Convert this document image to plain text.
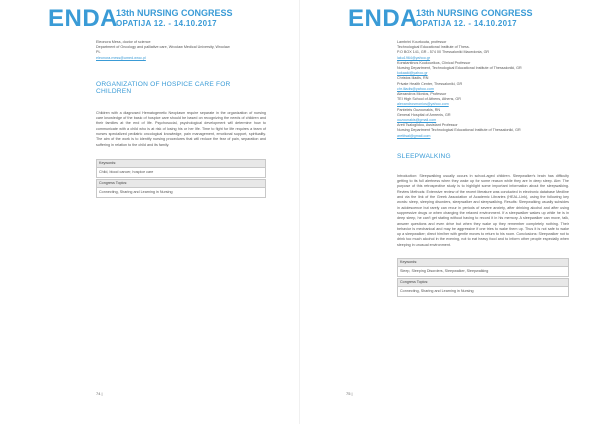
ENDA
13th NURSING CONGRESS
OPATIJA 12. - 14.10.2017

Eleonora Mess, doctor of science

Department of Oncology and palliative care, Wroclaw Medical University, Wroclaw

PL

eleonora.mess@umed.wroc.pl

ORGANIZATION OF HOSPICE CARE FOR CHILDREN

Children with a diagnosed Hematogenetic Neoplasm require separate in the organization of nursing care knowledge of the basic of hospice care should be based on recognizing the needs of children and their families at the end of life. Psychosocial, psychological development will determine how to communicate with a child who is at risk of losing his or her life. Time to fight for life requires a team of nurses specialized pediatric oncological knowledge, pain management, emotional support, spirituality. The aim of the work is to identify nursing procedures that will reduce the fear of pain, separation and suffering in relation to the child and its family.

Keywords:
Child, blood cancer, hospice care
Congress Topics:
Connecting, Sharing and Learning in Nursing
74 |
ENDA
13th NURSING CONGRESS
OPATIJA 12. - 14.10.2017

Lambrini Kourkouta, professor

Technological Educational Institute of Thess.

P.O BOX 141, GR - 574 00 Thessaloniki Macedonia, GR

laku1964@yahoo.gr

Konstantinos Koukourikos, Clinical Professor

Nursing Department, Technological Educational Institute of Thessaloniki, GR

kokaaki@yahoo.gr

Christos Iliadis, RN

Private Health Center, Thessaloniki, GR

chr.iliadis@yahoo.com

Alexandros Monios, Professor

TEI High School of Athens, Athens, GR

alexandrosmonios@yahoo.com

Panteleis Ouzounakis, RN

General Hospital of Amrenis, GR

ouzounakis@gmail.com

Areti Tsaloglidou, Assistant Professor

Nursing Department Technological Educational Institute of Thessaloniki, GR

aretitsal@gmail.com

SLEEPWALKING

Introduction: Sleepwalking usually occurs in school-aged children. Sleepwalker's brain has difficulty getting to its full alertness when they wake up for some reason while they are in deep sleep. Aim: The purpose of this retrospective study is to highlight some important information about the sleepwalking. Review Methods: Extensive review of the recent literature was conducted in electronic database Medline and via the link of the Greek Association of Academic Libraries (HEAL-Link), using the following key words: sleep, sleeping disorders, sleepwalker and sleepwalking. Results: Sleepwalking usually subsides in adolescence but rarely can recur in periods of severe anxiety, after drinking alcohol and after using suppressive drugs or when changing the relaxed environment. If a sleepwalker wakes up while he is in deep sleep, he can't get stating without having to record it in his memory. A sleepwalker can move, talk, answer questions and even drive but when they wake up they remember completely nothing. Their behavior is mechanical and may be aggressive if one tries to wake them up. Thus it is not safe to wake up a sleepwalker; direct him/her with gentle moves to return to his room. Conclusions: Sleepwalker not to drink too much alcohol in the evening, not to eat heavy food and to inform other people especially when sleeping in unusual environment.

Keywords:
Sleep, Sleeping Disorders, Sleepwalker, Sleepwalking
Congress Topics:
Connecting, Sharing and Learning in Nursing
75 |
